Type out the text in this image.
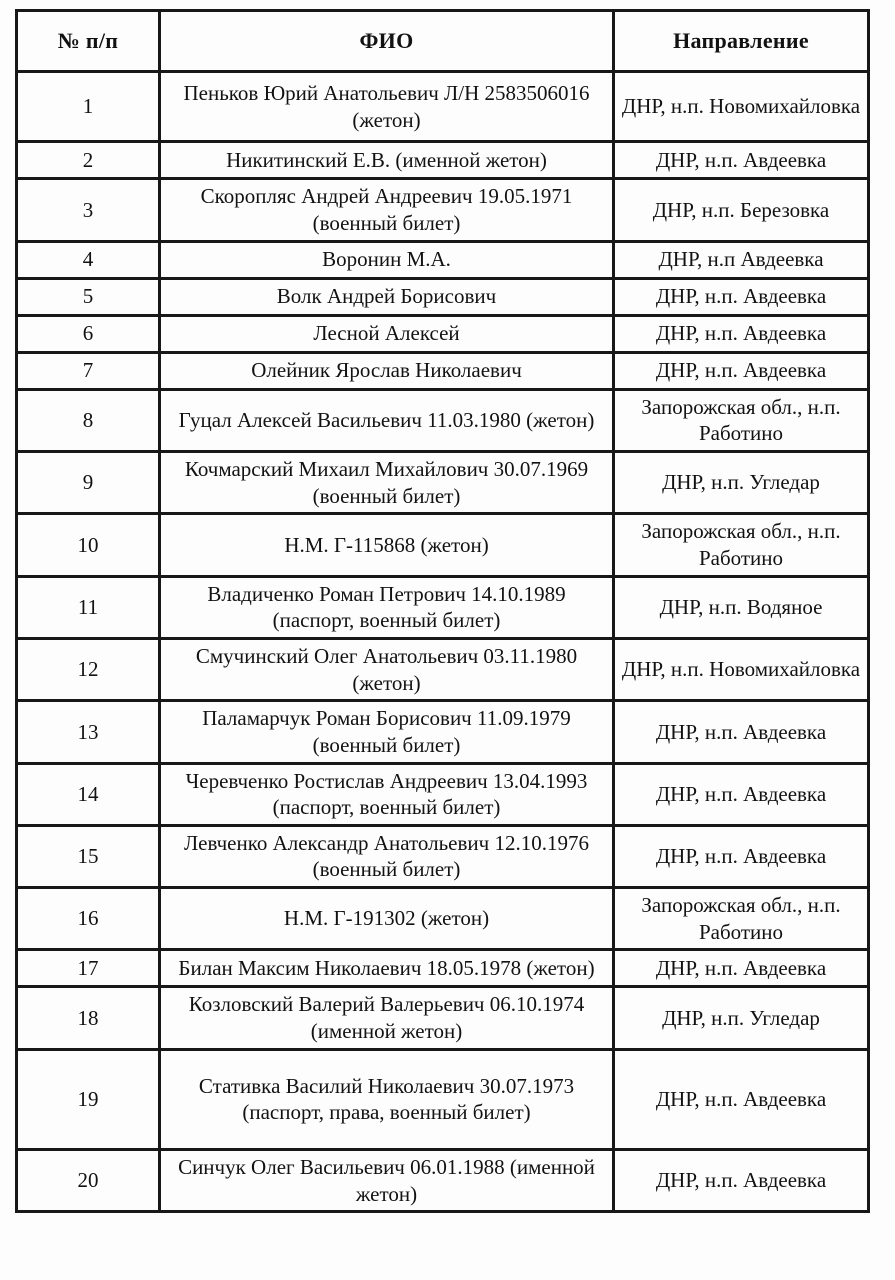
№ п/п	ФИО	Направление
1	Пеньков Юрий Анатольевич Л/Н 2583506016 (жетон)	ДНР, н.п. Новомихайловка
2	Никитинский Е.В. (именной жетон)	ДНР, н.п. Авдеевка
3	Скоропляс Андрей Андреевич 19.05.1971 (военный билет)	ДНР, н.п. Березовка
4	Воронин М.А.	ДНР, н.п Авдеевка
5	Волк Андрей Борисович	ДНР, н.п. Авдеевка
6	Лесной Алексей	ДНР, н.п. Авдеевка
7	Олейник Ярослав Николаевич	ДНР, н.п. Авдеевка
8	Гуцал Алексей Васильевич 11.03.1980 (жетон)	Запорожская обл., н.п. Работино
9	Кочмарский Михаил Михайлович 30.07.1969 (военный билет)	ДНР, н.п. Угледар
10	Н.М. Г-115868 (жетон)	Запорожская обл., н.п. Работино
11	Владиченко Роман Петрович 14.10.1989 (паспорт, военный билет)	ДНР, н.п. Водяное
12	Смучинский Олег Анатольевич 03.11.1980 (жетон)	ДНР, н.п. Новомихайловка
13	Паламарчук Роман Борисович 11.09.1979 (военный билет)	ДНР, н.п. Авдеевка
14	Черевченко Ростислав Андреевич 13.04.1993 (паспорт, военный билет)	ДНР, н.п. Авдеевка
15	Левченко Александр Анатольевич 12.10.1976 (военный билет)	ДНР, н.п. Авдеевка
16	Н.М. Г-191302 (жетон)	Запорожская обл., н.п. Работино
17	Билан Максим Николаевич 18.05.1978 (жетон)	ДНР, н.п. Авдеевка
18	Козловский Валерий Валерьевич 06.10.1974 (именной жетон)	ДНР, н.п. Угледар
19	Стативка Василий Николаевич 30.07.1973 (паспорт, права, военный билет)	ДНР, н.п. Авдеевка
20	Синчук Олег Васильевич 06.01.1988 (именной жетон)	ДНР, н.п. Авдеевка
